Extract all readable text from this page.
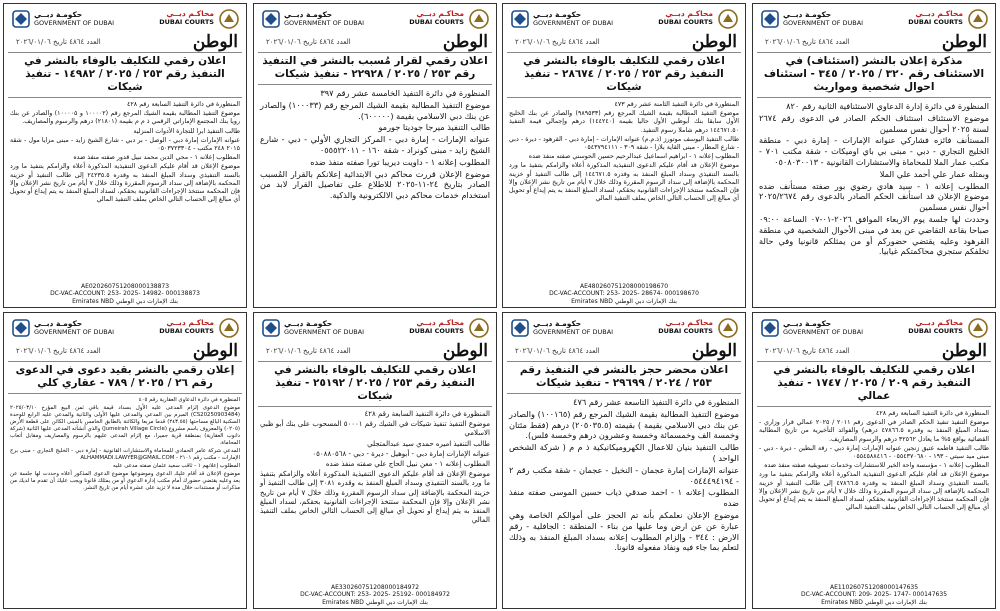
محاكـم دبــي
DUBAI COURTS
حكومـة دبــي
GOVERNMENT OF DUBAI
الوطن
العدد ٤٨٦٤ تاريخ ٢٠٢٦/٠١/٠٦
مذكرة إعلان بالنشر (استئناف) في الاستئناف رقم ٣٢٠ / ٢٠٢٥ / ٣٤٥ - استئناف احوال شخصية ومواريث

المنظورة في دائرة إدارة الدعاوي الاستئنافية الثانية رقم ٨٢٠

موضوع الاستئناف استئناف الحكم الصادر في الدعوى رقم ٢٦٧٤ لسنة ٢٠٢٥ أحوال نفس مسلمين

المستأنف فائزه فشاركي عنوانه الإمارات - إمارة دبي - منطقة الخليج التجاري - دبي - مبنى بي باي اوميكات - شقة مكتب ٧٠١ - مكتب عمار الملا للمحاماة والاستشارات القانونية - ٠٥٠٨٠٣٠٠١٣

وبمثله عمار علي أحمد علي الملا

المطلوب إعلانه ١ - سيد هادي رضوي بور صفته مستأنف ضده موضوع الإعلان قد استأنف الحكم الصادر بالدعوى رقم ٢٠٢٥/٢٦٧٤ أحوال نفس مسلمين

وحددت لها جلسة يوم الاربعاء الموافق ٢٠٢٦-٠١-٠٧ الساعة ٠٩:٠٠ صباحا بقاعة التقاضي عن بعد في مبنى الأحوال الشخصية في منطقة القرهود وعليه يقتضي حضوركم أو من يمثلكم قانونيا وفي حالة تخلفكم ستجري محاكمتكم غيابيا.

محاكـم دبــي
DUBAI COURTS
حكومـة دبــي
GOVERNMENT OF DUBAI
الوطن
العدد ٤٨٦٤ تاريخ ٢٠٢٦/٠١/٠٦
اعلان رقمي للتكليف بالوفاء بالنشر في التنفيذ رقم ٢٥٣ / ٢٠٢٥ / ٢٨٦٧٤ - تنفيذ شيكات

المنظورة في دائرة التنفيذ الثامنة عشر رقم ٤٧٣

موضوع التنفيذ المطالبة بقيمة الشيك المرجع رقم (٩٨٩٥٣٣) والصادر عن بنك الخليج الأول سابقا بنك أبوظبي الأول حاليا بقيمة (١٤٤٢٤٠) درهم وإجمالي قيمة التنفيذ ١٤٤٦٧١.٥٠ درهم شاملا رسوم التنفيذ.

طالب التنفيذ اليوسف موتورز (ذ.م.م) عنوانه الإمارات - إمارة دبي - القرهود - ديرة - دبي - شارع المطار - مبنى القاية بلازا - شقة ٣٠٩ - ٠٥٤٣٧٩٤١١١

المطلوب إعلانه ١ - ابراهيم اسماعيل عبدالرحيم حسين الحوسني صفته منفذ ضده

موضوع الإعلان قد أقام عليكم الدعوى التنفيذية المذكورة أعلاه والزامكم بتنفيذ ما ورد بالسند التنفيذي وسداد المبلغ المنفذ به وقدره ١٤٤٦٧١.٥ إلى طالب التنفيذ أو خزينة المحكمة بالإضافة إلى سداد الرسوم المقررة وذلك خلال ٧ أيام من تاريخ نشر الإعلان وإلا فإن المحكمة ستتخذ الإجراءات القانونية بحقكم، لسداد المبلغ المنفذ به يتم إيداع أو تحويل أي مبالغ إلى الحساب التالي الخاص بملف التنفيذ المالي

AE480260751208000198670
DC-VAC-ACCOUNT: 253- 2025- 28674- 000198670
بنك الإمارات دبي الوطني Emirates NBD
محاكـم دبــي
DUBAI COURTS
حكومـة دبــي
GOVERNMENT OF DUBAI
الوطن
العدد ٤٨٦٤ تاريخ ٢٠٢٦/٠١/٠٦
اعلان رقمي لقرار مُسبب بالنشر في التنفيذ رقم ٢٥٣ / ٢٠٢٥ / ٢٢٩٢٨ - تنفيذ شيكات

المنظورة في دائرة التنفيذ الخامسة عشر رقم ٣٩٧

موضوع التنفيذ المطالبة بقيمة الشيك المرجع رقم (١٠٠٠٣٣) والصادر عن بنك دبي الاسلامي بقيمة (٦٠٠٠٠٠).

طالب التنفيذ ميرجا جوديتا جورمو

عنوانه الإمارات - إمارة دبي - المركز التجاري الأولي - دبي - شارع الشيخ زايد - مبنى كونراد - شقة ١٦٠ - ٠٥٥٥٢٢٠١١

المطلوب إعلانه ١ - داويت ديريبا تورا صفته منفذ ضده

موضوع الإعلان قررت محاكم دبي الابتدائية إعلانكم بالقرار المُسبب الصادر بتاريخ ٢٤-١١-٢٠٢٥ للاطلاع على تفاصيل القرار لابد من استخدام خدمات محاكم دبي الالكترونية والذكية.

محاكـم دبــي
DUBAI COURTS
حكومـة دبــي
GOVERNMENT OF DUBAI
الوطن
العدد ٤٨٦٤ تاريخ ٢٠٢٦/٠١/٠٦
اعلان رقمي للتكليف بالوفاء بالنشر في التنفيذ رقم ٢٥٣ / ٢٠٢٥ / ١٤٩٨٢ - تنفيذ شيكات

المنظورة في دائرة التنفيذ السابعة رقم ٤٢٨

موضوع التنفيذ المطالبة بقيمة الشيك المرجع رقم (١٠٠٠٠٢ و ١٠٠٠٠٥) والصادر عن بنك رويا بنك المجتمع الإماراتي الرقمي ذ م م بقيمة (٢١٨٠١) درهم والرسوم والمصاريف.

طالب التنفيذ ابرا للتجارة الأدوات المنزلية

عنوانه الإمارات إمارة دبي - الوصل - بر دبي - شارع الشيخ زايد - مبنى مزايا مول - شقة ٢٠١٥ ٢٤٨ مكتب - ٠٥٠٣٧٢٣٣٠٤

المطلوب إعلانه ١ - محي الدين محمد نبيل قدور صفته منفذ ضده

موضوع الإعلان قد أقام عليكم الدعوى التنفيذية المذكورة أعلاه والزامكم بتنفيذ ما ورد بالسند التنفيذي وسداد المبلغ المنفذ به وقدره ٢٤٢٣٥.٥ إلى طالب التنفيذ أو خزينة المحكمة بالإضافة إلى سداد الرسوم المقررة وذلك خلال ٧ أيام من تاريخ نشر الإعلان وإلا فإن المحكمة ستتخذ الإجراءات القانونية بحقكم، لسداد المبلغ المنفذ به يتم إيداع أو تحويل أي مبالغ إلى الحساب التالي الخاص بملف التنفيذ المالي

AE020260751208000138873
DC-VAC-ACCOUNT: 253- 2025- 14982- 000138873
بنك الإمارات دبي الوطني Emirates NBD
محاكـم دبــي
DUBAI COURTS
حكومـة دبــي
GOVERNMENT OF DUBAI
الوطن
العدد ٤٨٦٤ تاريخ ٢٠٢٦/٠١/٠٦
اعلان رقمي للتكليف بالوفاء بالنشر في التنفيذ رقم ٢٠٩ / ٢٠٢٥ / ١٧٤٧ - تنفيذ عمالي

المنظورة في دائرة التنفيذ السابعة رقم ٤٢٨

موضوع التنفيذ تنفيذ الحكم الصادر في الدعوى رقم ٢٠١١ / ٢٠٢٥ عمالي قرار وزاري - بسداد المبلغ المنفذ به وقدره ٤٧٨٦٦.٥ درهم) والفوائد التأخيرية من تاريخ المطالبة القضائية بواقع ٥% ما يعادل ٣٢٥٦٢ درهم والرسوم المصاريف.

طالب التنفيذ فاطمه عتيق زنجين عنوانه الإمارات إمارة دبي - رقة البطين - ديرة - دبي - مبنى ميد سيتي - ١٩٣ - ٠٥٥٤٣٧٠٦٨٠ - ٠٥٥٤٥٨٨٤١٦

المطلوب إعلانه ١ - مؤسسة واحة الخير للاستشارات وخدمات تسويقية صفته منفذ ضده

موضوع الإعلان قد أقام عليكم الدعوى التنفيذية المذكورة أعلاه والزامكم بتنفيذ ما ورد بالسند التنفيذي وسداد المبلغ المنفذ به وقدره ٤٧٨٦٦.٥ إلى طالب التنفيذ أو خزينة المحكمة بالإضافة إلى سداد الرسوم المقررة وذلك خلال ٧ أيام من تاريخ نشر الإعلان وإلا فإن المحكمة ستتخذ الإجراءات القانونية بحقكم، لسداد المبلغ المنفذ به يتم إيداع أو تحويل أي مبالغ إلى الحساب التالي الخاص بملف التنفيذ المالي

AE110260751208000147635
DC-VAC-ACCOUNT: 209- 2025- 1747- 000147635
بنك الإمارات دبي الوطني Emirates NBD
محاكـم دبــي
DUBAI COURTS
حكومـة دبــي
GOVERNMENT OF DUBAI
الوطن
العدد ٤٨٦٤ تاريخ ٢٠٢٦/٠١/٠٦
اعلان محضر حجز بالنشر في التنفيذ رقم ٢٥٣ / ٢٠٢٤ / ٢٩٦٩٩ - تنفيذ شيكات

المنظورة في دائرة التنفيذ التاسعة عشر رقم ٤٧٦

موضوع التنفيذ المطالبة بقيمة الشيك المرجع رقم (١٠٠١٦٥) والصادر عن بنك دبي الاسلامي بقيمة ) بقيمته (٢٠٥٠٣٥.٥) درهم (فقط مئتان وخمسة الف وخمسمائة وخمسة وعشرون درهم وخمسة فلس).

طالب التنفيذ بنيان للاعمال الكهروميكانيكية ذ م م ( شركة الشخص الواحد )

عنوانه الإمارات إمارة عجمان - النخيل - عجمان - شقة مكتب رقم ٢ - ٠٥٤٤٤٩٤١٩٤

المطلوب إعلانه ١ - احمد صدقي ذياب حسين الموسى صفته منفذ ضده

موضوع الإعلان نعلمكم بأنه تم الحجز على أموالكم الخاصة وهي عبارة عن عن ارض وما عليها من بناء - المنطقة : الجافلية - رقم الارض : ٣٤٤ - وإلزام المطلوب إعلانه بسداد المبلغ المنفذ به وذلك لتعلم بما جاء فيه ونفاذ مفعوله قانونا.

محاكـم دبــي
DUBAI COURTS
حكومـة دبــي
GOVERNMENT OF DUBAI
الوطن
العدد ٤٨٦٤ تاريخ ٢٠٢٦/٠١/٠٦
اعلان رقمي للتكليف بالوفاء بالنشر في التنفيذ رقم ٢٥٣ / ٢٠٢٥ / ٢٥١٩٢ - تنفيذ شيكات

المنظورة في دائرة التنفيذ السابعة رقم ٤٢٨

موضوع التنفيذ تنفيذ شيكات في الشيك رقم ٥٠٠٠١ المسحوب على بنك أبو ظبي الاسلامي

طالب التنفيذ اميره حمدي سيد عبدالمتجلي

عنوانه الإمارات إمارة دبي - أبوهيل - ديرة - دبي - ٠٥٠٨٨٠٥٦٨

المطلوب إعلانه ١ - معن نبيل الحاج علي صفته منفذ ضده

موضوع الإعلان قد أقام عليكم الدعوى التنفيذية المذكورة أعلاه والزامكم بتنفيذ ما ورد بالسند التنفيذي وسداد المبلغ المنفذ به وقدره ٣٠٨١ إلى طالب التنفيذ أو خزينة المحكمة بالإضافة إلى سداد الرسوم المقررة وذلك خلال ٧ أيام من تاريخ نشر الإعلان وإلا فإن المحكمة ستتخذ الإجراءات القانونية بحقكم، لسداد المبلغ المنفذ به يتم إيداع أو تحويل أي مبالغ إلى الحساب التالي الخاص بملف التنفيذ المالي

AE330260751208000184972
DC-VAC-ACCOUNT: 253- 2025- 25192- 000184972
بنك الإمارات دبي الوطني Emirates NBD
محاكـم دبــي
DUBAI COURTS
حكومـة دبــي
GOVERNMENT OF DUBAI
الوطن
العدد ٤٨٦٤ تاريخ ٢٠٢٦/٠١/٠٦
إعلان رقمي بالنشر بقيد دعوى في الدعوى رقم ٢٦ / ٢٠٢٥ / ٧٨٩ - عقاري كلي

المنظورة في دائرة الدعاوى العقارية رقم ٤٠٥

موضوع الدعوى إلزام المدعى عليه الأول بسداد قيمة باقي ثمن البيع المؤرخ ٢٠٢٥/٠٣/١٠ (CS20250903484) المبرم بين المدعي والمدعى عليها الأولى والثانية والمدعي عليه الرابع للوحدة السكنية البالغ مساحتها (٢٤٣.٥٥) قدما مربعا والكائنة بالطابق الخامس بالمبنى الكائن على قطعة الأرض (٠٢٠٥) والمعروف باسم مشروع (Jumeirah Village Circle) والذي أنشأته المدعى عليها الثانية (شركة دانوب العقارية) بمنطقة قرية جميرا، مع إلزام المدعى عليهم بالرسوم والمصاريف ومقابل أتعاب المحاماة.

المدعي شركة عامر الحمادي للمحاماة والاستشارات القانونية - إمارة دبي - الخليج التجاري - مبنى برج الإمارات - مكتب رقم ٢١٠١ - ALHAMMADI.LAWYER@GMAIL.COM

المطلوب إعلانهم ١ - ثاقب سعيد عثمان صفته مدعى عليه

موضوع الإعلان قد أقام عليك الدعوى وموضوعها موضوع الدعوى المذكور أعلاه وحددت لها جلسة عن بعد وعليه يقتضي حضورك أمام مكتب إدارة الدعوى أو من يمثلك قانونا ويجب عليك أن تقدم ما لديك من مذكرات أو مستندات خلال مدة لا تزيد على عشرة أيام من تاريخ النشر.
